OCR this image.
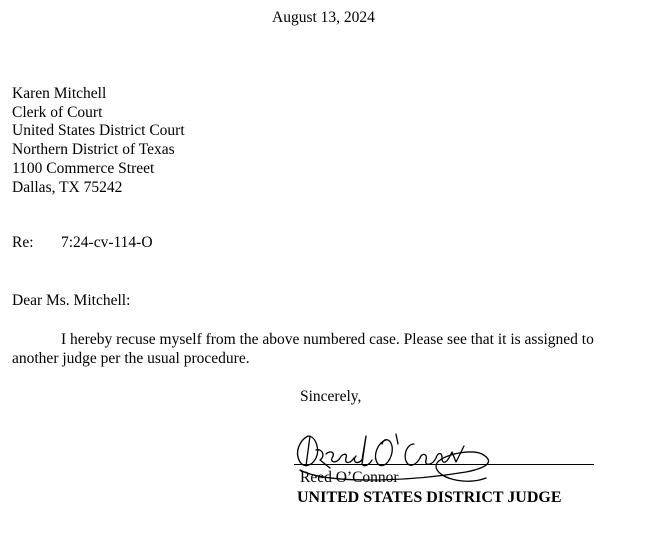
August 13, 2024
Karen Mitchell
Clerk of Court
United States District Court
Northern District of Texas
1100 Commerce Street
Dallas, TX 75242
Re: 7:24-cv-114-O
Dear Ms. Mitchell:
I hereby recuse myself from the above numbered case. Please see that it is assigned to
another judge per the usual procedure.
Sincerely,
Reed O’Connor
UNITED STATES DISTRICT JUDGE
